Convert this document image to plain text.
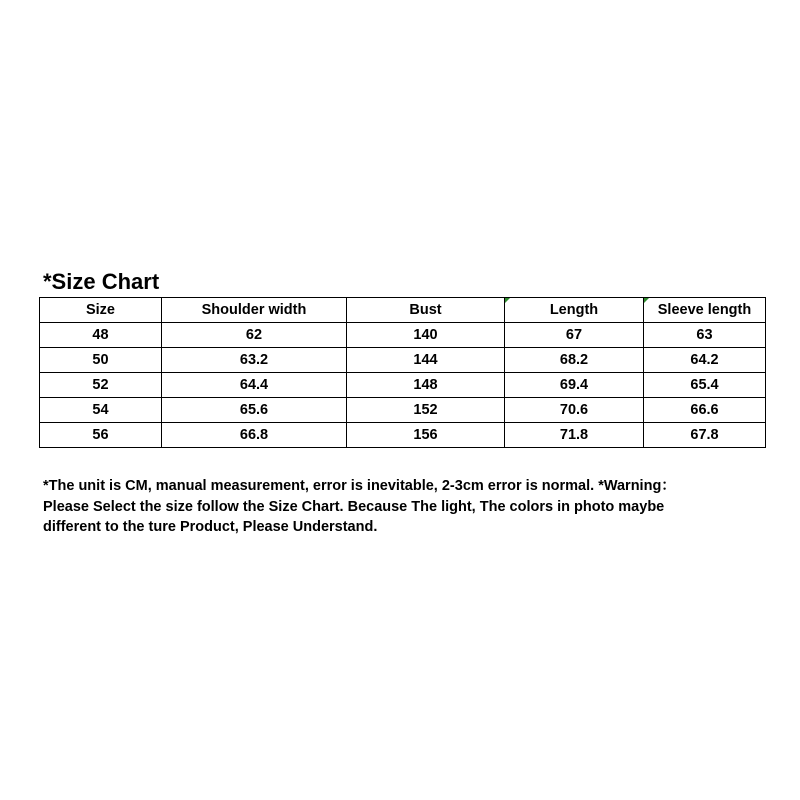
*Size Chart
Size	Shoulder width	Bust	Length	Sleeve length
48	62	140	67	63
50	63.2	144	68.2	64.2
52	64.4	148	69.4	65.4
54	65.6	152	70.6	66.6
56	66.8	156	71.8	67.8
*The unit is CM, manual measurement, error is inevitable, 2-3cm error is normal. *Warning：
Please Select the size follow the Size Chart. Because The light, The colors in photo maybe
different to the ture Product, Please Understand.
